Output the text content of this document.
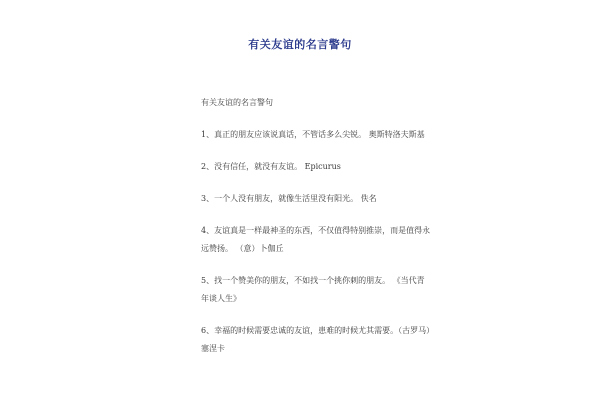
有关友谊的名言警句
有关友谊的名言警句
1、真正的朋友应该说真话，不管话多么尖锐。 奥斯特洛夫斯基
2、没有信任，就没有友谊。 Epicurus
3、一个人没有朋友，就像生活里没有阳光。 佚名
4、友谊真是一样最神圣的东西，不仅值得特别推崇，而是值得永远赞扬。 （意）卜伽丘
5、找一个赞美你的朋友，不如找一个挑你刺的朋友。 《当代青年谈人生》
6、幸福的时候需要忠诚的友谊，患难的时候尤其需要。（古罗马）塞涅卡
